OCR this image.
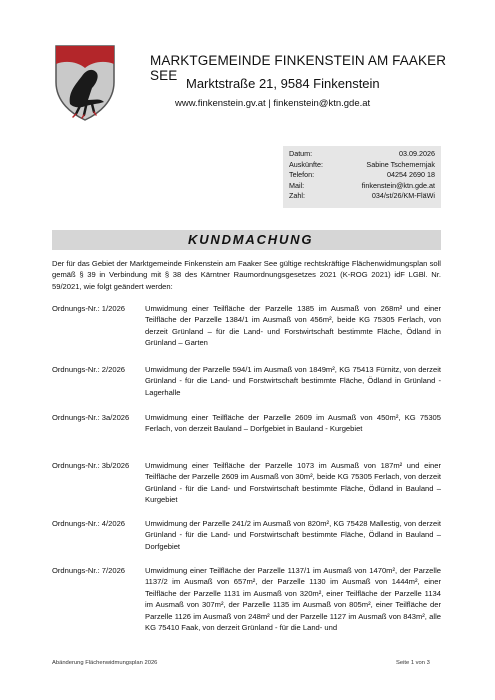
MARKTGEMEINDE FINKENSTEIN AM FAAKER SEE
Marktstraße 21, 9584 Finkenstein
www.finkenstein.gv.at | finkenstein@ktn.gde.at
Datum:	03.09.2026
Auskünfte:	Sabine Tschemernjak
Telefon:	04254 2690 18
Mail:	finkenstein@ktn.gde.at
Zahl:	034/st/26/KM-FläWi
KUNDMACHUNG
Der für das Gebiet der Marktgemeinde Finkenstein am Faaker See gültige rechtskräftige Flächenwidmungsplan soll gemäß § 39 in Verbindung mit § 38 des Kärntner Raumordnungsgesetzes 2021 (K-ROG 2021) idF LGBl. Nr. 59/2021, wie folgt geändert werden:
Ordnungs-Nr.: 1/2026	Umwidmung einer Teilfläche der Parzelle 1385 im Ausmaß von 268m² und einer Teilfläche der Parzelle 1384/1 im Ausmaß von 456m², beide KG 75305 Ferlach, von derzeit Grünland – für die Land- und Forstwirtschaft bestimmte Fläche, Ödland in Grünland – Garten
Ordnungs-Nr.: 2/2026	Umwidmung der Parzelle 594/1 im Ausmaß von 1849m², KG 75413 Fürnitz, von derzeit Grünland - für die Land- und Forstwirtschaft bestimmte Fläche, Ödland in Grünland - Lagerhalle
Ordnungs-Nr.: 3a/2026	Umwidmung einer Teilfläche der Parzelle 2609 im Ausmaß von 450m², KG 75305 Ferlach, von derzeit Bauland – Dorfgebiet in Bauland - Kurgebiet
Ordnungs-Nr.: 3b/2026	Umwidmung einer Teilfläche der Parzelle 1073 im Ausmaß von 187m² und einer Teilfläche der Parzelle 2609 im Ausmaß von 30m², beide KG 75305 Ferlach, von derzeit Grünland - für die Land- und Forstwirtschaft bestimmte Fläche, Ödland in Bauland – Kurgebiet
Ordnungs-Nr.: 4/2026	Umwidmung der Parzelle 241/2 im Ausmaß von 820m², KG 75428 Mallestig, von derzeit Grünland - für die Land- und Forstwirtschaft bestimmte Fläche, Ödland in Bauland – Dorfgebiet
Ordnungs-Nr.: 7/2026	Umwidmung einer Teilfläche der Parzelle 1137/1 im Ausmaß von 1470m², der Parzelle 1137/2 im Ausmaß von 657m², der Parzelle 1130 im Ausmaß von 1444m², einer Teilfläche der Parzelle 1131 im Ausmaß von 320m², einer Teilfläche der Parzelle 1134 im Ausmaß von 307m², der Parzelle 1135 im Ausmaß von 805m², einer Teilfläche der Parzelle 1126 im Ausmaß von 248m² und der Parzelle 1127 im Ausmaß von 843m², alle KG 75410 Faak, von derzeit Grünland - für die Land- und
Abänderung Flächenwidmungsplan 2026	Seite 1 von 3
